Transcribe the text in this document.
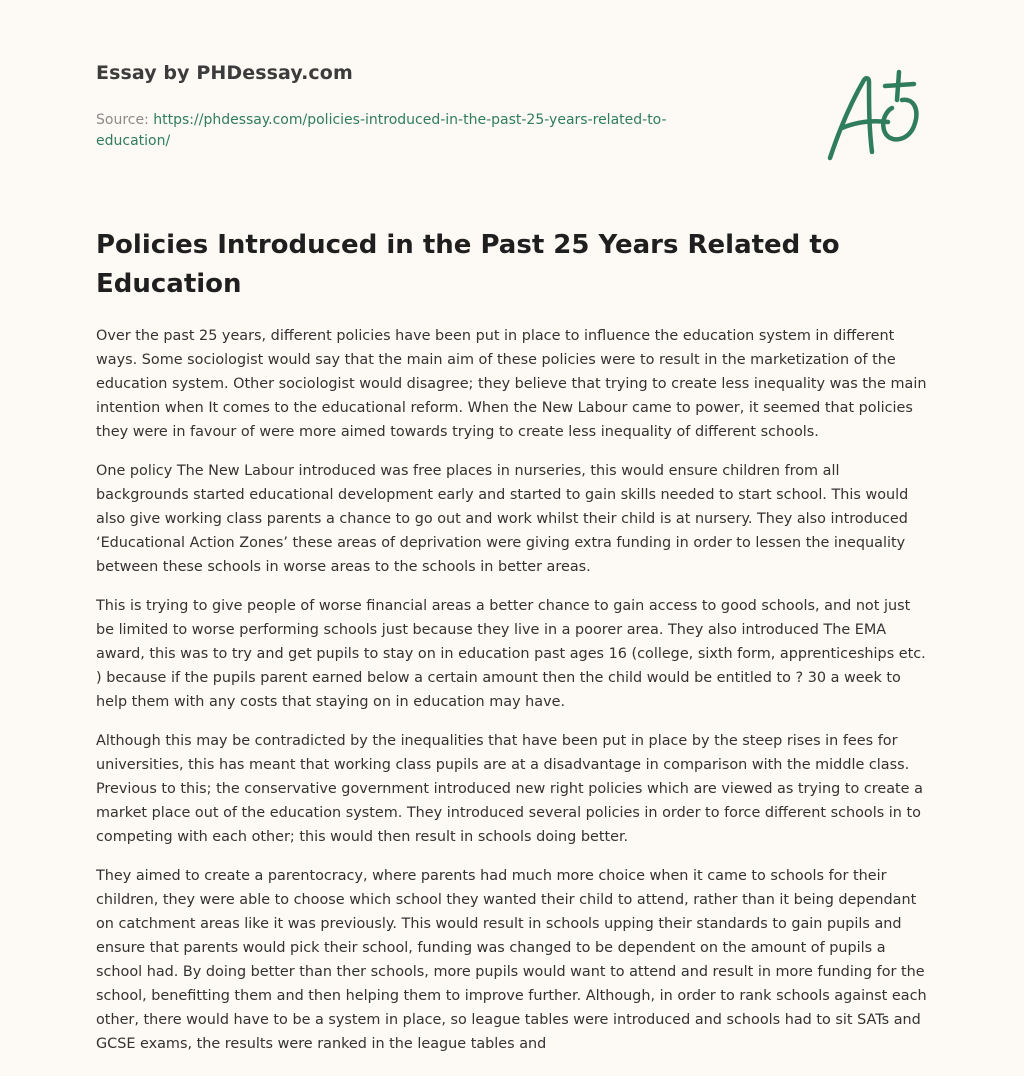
Essay by PHDessay.com
Source: https://phdessay.com/policies-introduced-in-the-past-25-years-related-to-education/
Policies Introduced in the Past 25 Years Related to Education

Over the past 25 years, different policies have been put in place to influence the education system in different ways. Some sociologist would say that the main aim of these policies were to result in the marketization of the education system. Other sociologist would disagree; they believe that trying to create less inequality was the main intention when It comes to the educational reform. When the New Labour came to power, it seemed that policies they were in favour of were more aimed towards trying to create less inequality of different schools.

One policy The New Labour introduced was free places in nurseries, this would ensure children from all backgrounds started educational development early and started to gain skills needed to start school. This would also give working class parents a chance to go out and work whilst their child is at nursery. They also introduced ‘Educational Action Zones’ these areas of deprivation were giving extra funding in order to lessen the inequality between these schools in worse areas to the schools in better areas.

This is trying to give people of worse financial areas a better chance to gain access to good schools, and not just be limited to worse performing schools just because they live in a poorer area. They also introduced The EMA award, this was to try and get pupils to stay on in education past ages 16 (college, sixth form, apprenticeships etc. ) because if the pupils parent earned below a certain amount then the child would be entitled to ? 30 a week to help them with any costs that staying on in education may have.

Although this may be contradicted by the inequalities that have been put in place by the steep rises in fees for universities, this has meant that working class pupils are at a disadvantage in comparison with the middle class. Previous to this; the conservative government introduced new right policies which are viewed as trying to create a market place out of the education system. They introduced several policies in order to force different schools in to competing with each other; this would then result in schools doing better.

They aimed to create a parentocracy, where parents had much more choice when it came to schools for their children, they were able to choose which school they wanted their child to attend, rather than it being dependant on catchment areas like it was previously. This would result in schools upping their standards to gain pupils and ensure that parents would pick their school, funding was changed to be dependent on the amount of pupils a school had. By doing better than ther schools, more pupils would want to attend and result in more funding for the school, benefitting them and then helping them to improve further. Although, in order to rank schools against each other, there would have to be a system in place, so league tables were introduced and schools had to sit SATs and GCSE exams, the results were ranked in the league tables and
